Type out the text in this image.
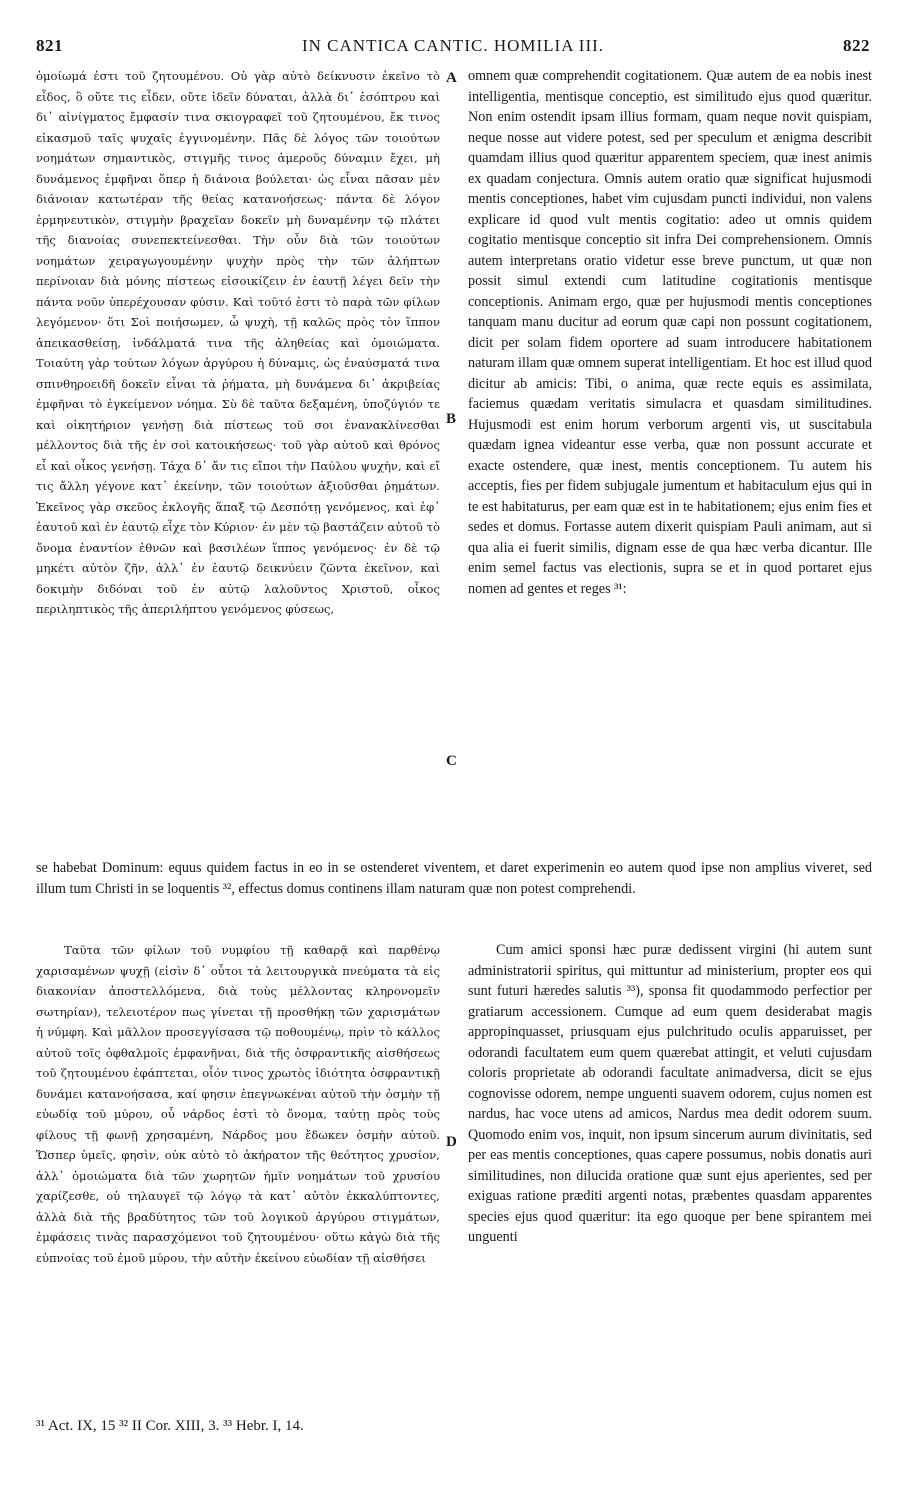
821	IN CANTICA CANTIC. HOMILIA III.	822

ὁμοίωμά ἐστι τοῦ ζητουμένου. Οὐ γὰρ αὐτὸ δείκνυσιν ἐκεῖνο τὸ εἶδος, ὃ οὔτε τις εἶδεν, οὔτε ἰδεῖν δύναται, ἀλλὰ δι᾽ ἐσόπτρου καὶ δι᾽ αἰνίγματος ἔμφασίν τινα σκιογραφεῖ τοῦ ζητουμένου, ἔκ τινος εἰκασμοῦ ταῖς ψυχαῖς ἐγγινομένην. Πᾶς δὲ λόγος τῶν τοιούτων νοημάτων σημαντικὸς, στιγμῆς τινος ἀμεροῦς δύναμιν ἔχει, μὴ δυνάμενος ἐμφῆναι ὅπερ ἡ διάνοια βούλεται· ὡς εἶναι πᾶσαν μὲν διάνοιαν κατωτέραν τῆς θείας κατανοήσεως· πάντα δὲ λόγον ἑρμηνευτικὸν, στιγμὴν βραχεῖαν δοκεῖν μὴ δυναμένην τῷ πλάτει τῆς διανοίας συνεπεκτείνεσθαι. Τὴν οὖν διὰ τῶν τοιούτων νοημάτων χειραγωγουμένην ψυχὴν πρὸς τὴν τῶν ἀλήπτων περίνοιαν διὰ μόνης πίστεως εἰσοικίζειν ἐν ἑαυτῇ λέγει δεῖν τὴν πάντα νοῦν ὑπερέχουσαν φύσιν. Καὶ τοῦτό ἐστι τὸ παρὰ τῶν φίλων λεγόμενον· ὅτι Σοὶ ποιήσωμεν, ὦ ψυχὴ, τῇ καλῶς πρὸς τὸν ἵππον ἀπεικασθείσῃ, ἰνδάλματά τινα τῆς ἀληθείας καὶ ὁμοιώματα. Τοιαύτη γὰρ τούτων λόγων ἀργύρου ἡ δύναμις, ὡς ἐναύσματά τινα σπινθηροειδῆ δοκεῖν εἶναι τὰ ῥήματα, μὴ δυνάμενα δι᾽ ἀκριβείας ἐμφῆναι τὸ ἐγκείμενον νόημα. Σὺ δὲ ταῦτα δεξαμένη, ὑποζύγιόν τε καὶ οἰκητήριον γενήσῃ διὰ πίστεως τοῦ σοι ἐνανακλίνεσθαι μέλλοντος διὰ τῆς ἐν σοὶ κατοικήσεως· τοῦ γὰρ αὐτοῦ καὶ θρόνος εἶ καὶ οἶκος γενήσῃ. Τάχα δ᾽ ἄν τις εἴποι τὴν Παύλου ψυχὴν, καὶ εἴ τις ἄλλη γέγονε κατ᾽ ἐκείνην, τῶν τοιούτων ἀξιοῦσθαι ῥημάτων. Ἐκεῖνος γὰρ σκεῦος ἐκλογῆς ἅπαξ τῷ Δεσπότῃ γενόμενος, καὶ ἐφ᾽ ἑαυτοῦ καὶ ἐν ἑαυτῷ εἶχε τὸν Κύριον· ἐν μὲν τῷ βαστάζειν αὐτοῦ τὸ ὄνομα ἐναντίον ἐθνῶν καὶ βασιλέων ἵππος γενόμενος· ἐν δὲ τῷ μηκέτι αὐτὸν ζῆν, ἀλλ᾽ ἐν ἑαυτῷ δεικνύειν ζῶντα ἐκεῖνον, καὶ δοκιμὴν διδόναι τοῦ ἐν αὐτῷ λαλοῦντος Χριστοῦ, οἶκος περιληπτικὸς τῆς ἀπεριλήπτου γενόμενος φύσεως,

omnem quæ comprehendit cogitationem. Quæ autem de ea nobis inest intelligentia, mentisque conceptio, est similitudo ejus quod quæritur. Non enim ostendit ipsam illius formam, quam neque novit quispiam, neque nosse aut videre potest, sed per speculum et ænigma describit quamdam illius quod quæritur apparentem speciem, quæ inest animis ex quadam conjectura. Omnis autem oratio quæ significat hujusmodi mentis conceptiones, habet vim cujusdam puncti individui, non valens explicare id quod vult mentis cogitatio: adeo ut omnis quidem cogitatio mentisque conceptio sit infra Dei comprehensionem. Omnis autem interpretans oratio videtur esse breve punctum, ut quæ non possit simul extendi cum latitudine cogitationis mentisque conceptionis. Animam ergo, quæ per hujusmodi mentis conceptiones tanquam manu ducitur ad eorum quæ capi non possunt cogitationem, dicit per solam fidem oportere ad suam introducere habitationem naturam illam quæ omnem superat intelligentiam. Et hoc est illud quod dicitur ab amicis: Tibi, o anima, quæ recte equis es assimilata, faciemus quædam veritatis simulacra et quasdam similitudines. Hujusmodi est enim horum verborum argenti vis, ut suscitabula quædam ignea videantur esse verba, quæ non possunt accurate et exacte ostendere, quæ inest, mentis conceptionem. Tu autem his acceptis, fies per fidem subjugale jumentum et habitaculum ejus qui in te est habitaturus, per eam quæ est in te habitationem; ejus enim fies et sedes et domus. Fortasse autem dixerit quispiam Pauli animam, aut si qua alia ei fuerit similis, dignam esse de qua hæc verba dicantur. Ille enim semel factus vas electionis, supra se et in quod portaret ejus nomen ad gentes et reges ³¹:

se habebat Dominum: equus quidem factus in eo in se ostenderet viventem, et daret experimenin eo autem quod ipse non amplius viveret, sed illum tum Christi in se loquentis ³², effectus domus continens illam naturam quæ non potest comprehendi.

Ταῦτα τῶν φίλων τοῦ νυμφίου τῇ καθαρᾷ καὶ παρθένῳ χαρισαμένων ψυχῇ (εἰσὶν δ᾽ οὗτοι τὰ λειτουργικὰ πνεύματα τὰ εἰς διακονίαν ἀποστελλόμενα, διὰ τοὺς μέλλοντας κληρονομεῖν σωτηρίαν), τελειοτέρον πως γίνεται τῇ προσθήκῃ τῶν χαρισμάτων ἡ νύμφη. Καὶ μᾶλλον προσεγγίσασα τῷ ποθουμένῳ, πρὶν τὸ κάλλος αὐτοῦ τοῖς ὀφθαλμοῖς ἐμφανῆναι, διὰ τῆς ὀσφραντικῆς αἰσθήσεως τοῦ ζητουμένου ἐφάπτεται, οἷόν τινος χρωτὸς ἰδιότητα ὀσφραντικῇ δυνάμει κατανοήσασα, καί φησιν ἐπεγνωκέναι αὐτοῦ τὴν ὀσμὴν τῇ εὐωδίᾳ τοῦ μύρου, οὗ νάρδος ἐστὶ τὸ ὄνομα, ταύτῃ πρὸς τοὺς φίλους τῇ φωνῇ χρησαμένη, Νάρδος μου ἔδωκεν ὀσμὴν αὐτοῦ. Ὥσπερ ὑμεῖς, φησὶν, οὐκ αὐτὸ τὸ ἀκήρατον τῆς θεότητος χρυσίον, ἀλλ᾽ ὁμοιώματα διὰ τῶν χωρητῶν ἡμῖν νοημάτων τοῦ χρυσίου χαρίζεσθε, οὐ τηλαυγεῖ τῷ λόγῳ τὰ κατ᾽ αὐτὸν ἐκκαλύπτοντες, ἀλλὰ διὰ τῆς βραδύτητος τῶν τοῦ λογικοῦ ἀργύρου στιγμάτων, ἐμφάσεις τινὰς παρασχόμενοι τοῦ ζητουμένου· οὕτω κἀγὼ διὰ τῆς εὐπνοίας τοῦ ἐμοῦ μύρου, τὴν αὐτὴν ἐκείνου εὐωδίαν τῇ αἰσθήσει

Cum amici sponsi hæc puræ dedissent virgini (hi autem sunt administratorii spiritus, qui mittuntur ad ministerium, propter eos qui sunt futuri hæredes salutis ³³), sponsa fit quodammodo perfectior per gratiarum accessionem. Cumque ad eum quem desiderabat magis appropinquasset, priusquam ejus pulchritudo oculis apparuisset, per odorandi facultatem eum quem quærebat attingit, et veluti cujusdam coloris proprietate ab odorandi facultate animadversa, dicit se ejus cognovisse odorem, nempe unguenti suavem odorem, cujus nomen est nardus, hac voce utens ad amicos, Nardus mea dedit odorem suum. Quomodo enim vos, inquit, non ipsum sincerum aurum divinitatis, sed per eas mentis conceptiones, quas capere possumus, nobis donatis auri similitudines, non dilucida oratione quæ sunt ejus aperientes, sed per exiguas ratione præditi argenti notas, præbentes quasdam apparentes species ejus quod quæritur: ita ego quoque per bene spirantem mei unguenti

A
B
C
D
³¹ Act. IX, 15 ³² II Cor. XIII, 3. ³³ Hebr. I, 14.
